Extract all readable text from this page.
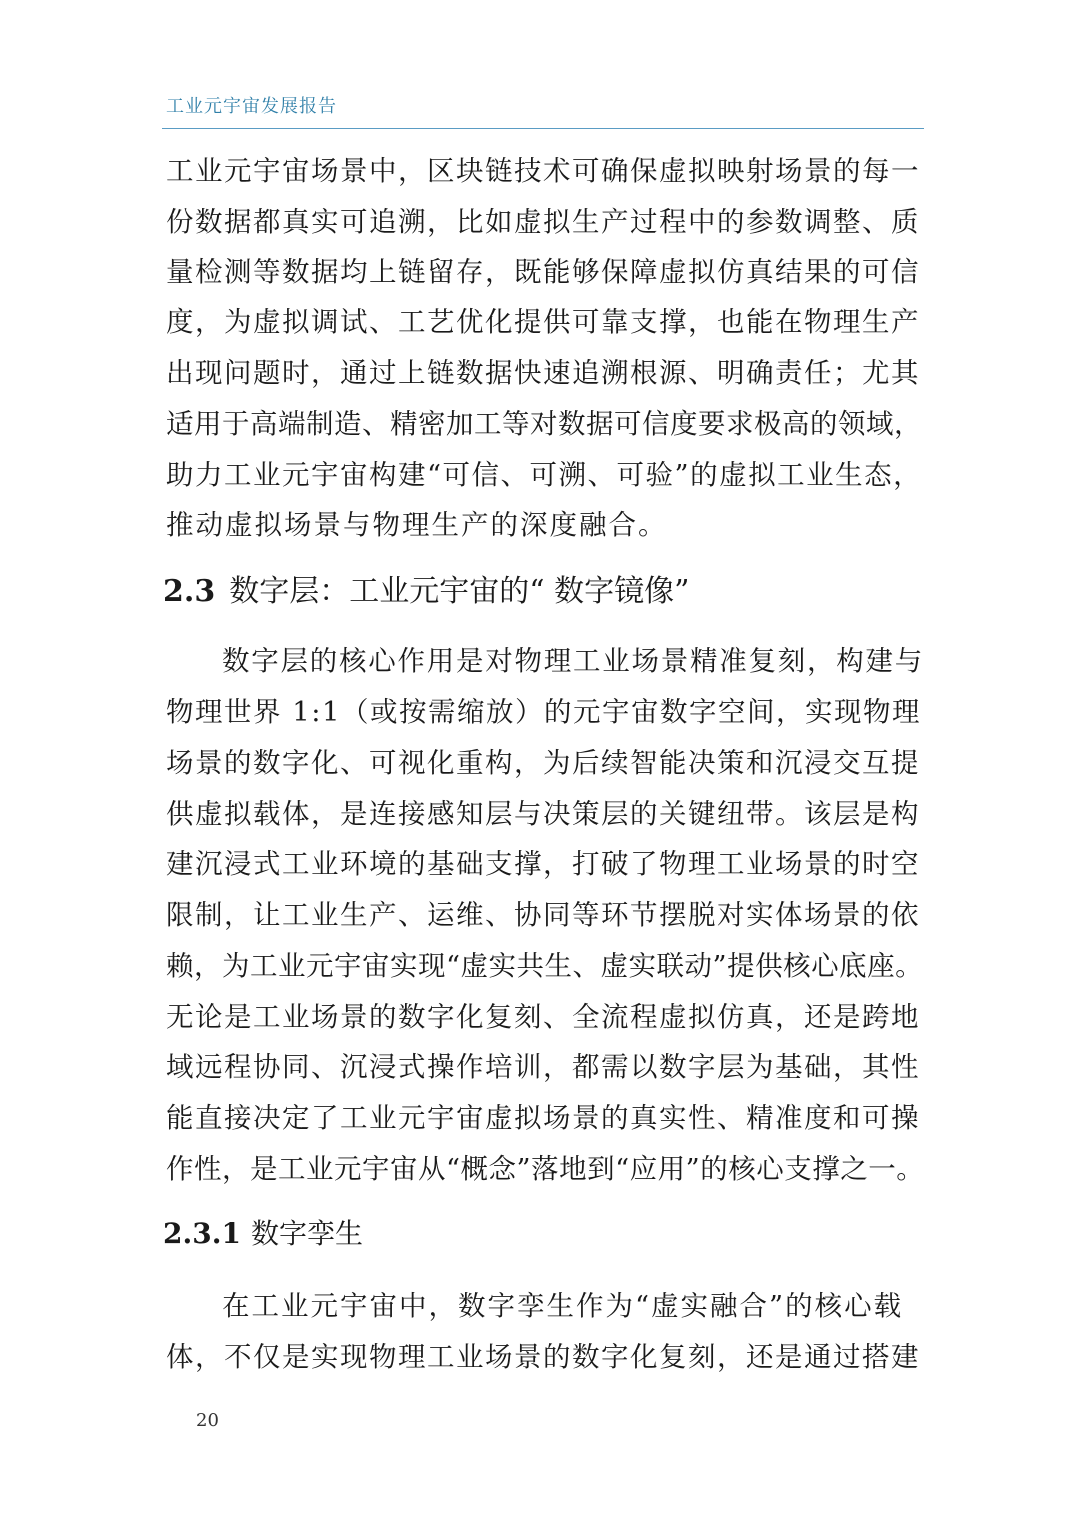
工业元宇宙发展报告
工业元宇宙场景中，区块链技术可确保虚拟映射场景的每一
份数据都真实可追溯，比如虚拟生产过程中的参数调整、质
量检测等数据均上链留存，既能够保障虚拟仿真结果的可信
度，为虚拟调试、工艺优化提供可靠支撑，也能在物理生产
出现问题时，通过上链数据快速追溯根源、明确责任；尤其
适用于高端制造、精密加工等对数据可信度要求极高的领域，
助力工业元宇宙构建“可信、可溯、可验”的虚拟工业生态，
推动虚拟场景与物理生产的深度融合。
2.3 数字层：工业元宇宙的“ 数字镜像”
数字层的核心作用是对物理工业场景精准复刻，构建与
物理世界 1:1（或按需缩放）的元宇宙数字空间，实现物理
场景的数字化、可视化重构，为后续智能决策和沉浸交互提
供虚拟载体，是连接感知层与决策层的关键纽带。该层是构
建沉浸式工业环境的基础支撑，打破了物理工业场景的时空
限制，让工业生产、运维、协同等环节摆脱对实体场景的依
赖，为工业元宇宙实现“虚实共生、虚实联动”提供核心底座。
无论是工业场景的数字化复刻、全流程虚拟仿真，还是跨地
域远程协同、沉浸式操作培训，都需以数字层为基础，其性
能直接决定了工业元宇宙虚拟场景的真实性、精准度和可操
作性，是工业元宇宙从“概念”落地到“应用”的核心支撑之一。
2.3.1 数字孪生
在工业元宇宙中，数字孪生作为“虚实融合”的核心载
体，不仅是实现物理工业场景的数字化复刻，还是通过搭建
20
